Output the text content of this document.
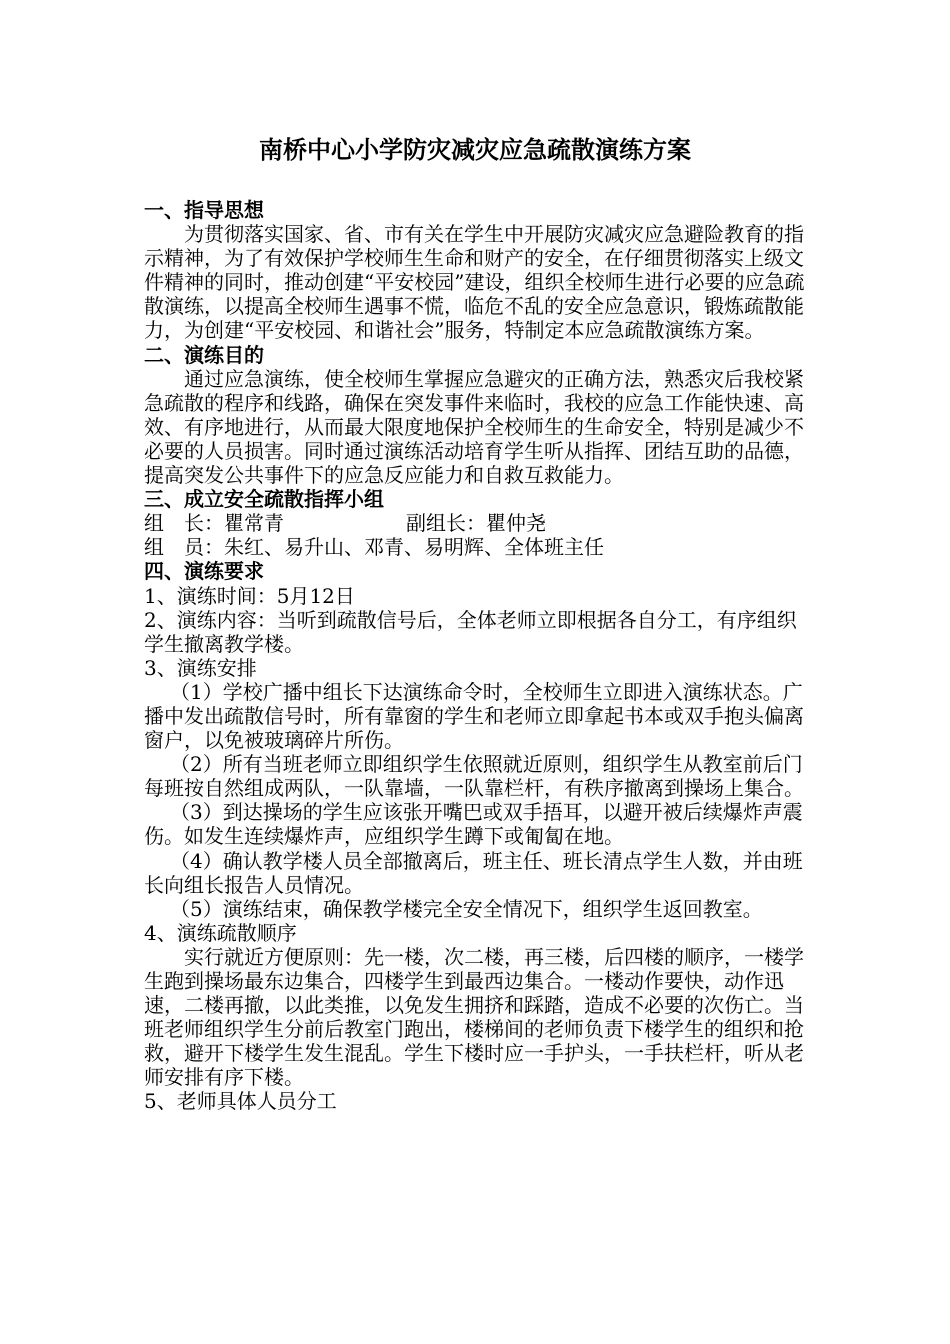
南桥中心小学防灾减灾应急疏散演练方案

一、指导思想

为贯彻落实国家、省、市有关在学生中开展防灾减灾应急避险教育的指示精神，为了有效保护学校师生生命和财产的安全，在仔细贯彻落实上级文件精神的同时，推动创建“平安校园”建设，组织全校师生进行必要的应急疏散演练，以提高全校师生遇事不慌，临危不乱的安全应急意识，锻炼疏散能力，为创建“平安校园、和谐社会”服务，特制定本应急疏散演练方案。

二、演练目的

通过应急演练，使全校师生掌握应急避灾的正确方法，熟悉灾后我校紧急疏散的程序和线路，确保在突发事件来临时，我校的应急工作能快速、高效、有序地进行，从而最大限度地保护全校师生的生命安全，特别是减少不必要的人员损害。同时通过演练活动培育学生听从指挥、团结互助的品德，提高突发公共事件下的应急反应能力和自救互救能力。

三、成立安全疏散指挥小组

组　长：瞿常青	副组长：瞿仲尧

组　员：朱红、易升山、邓青、易明辉、全体班主任

四、演练要求

1、演练时间：5月12日

2、演练内容：当听到疏散信号后，全体老师立即根据各自分工，有序组织学生撤离教学楼。

3、演练安排

（1）学校广播中组长下达演练命令时，全校师生立即进入演练状态。广播中发出疏散信号时，所有靠窗的学生和老师立即拿起书本或双手抱头偏离窗户，以免被玻璃碎片所伤。

（2）所有当班老师立即组织学生依照就近原则，组织学生从教室前后门每班按自然组成两队，一队靠墙，一队靠栏杆，有秩序撤离到操场上集合。

（3）到达操场的学生应该张开嘴巴或双手捂耳，以避开被后续爆炸声震伤。如发生连续爆炸声，应组织学生蹲下或匍匐在地。

（4）确认教学楼人员全部撤离后，班主任、班长清点学生人数，并由班长向组长报告人员情况。

（5）演练结束，确保教学楼完全安全情况下，组织学生返回教室。

4、演练疏散顺序

实行就近方便原则：先一楼，次二楼，再三楼，后四楼的顺序，一楼学生跑到操场最东边集合，四楼学生到最西边集合。一楼动作要快，动作迅速，二楼再撤，以此类推，以免发生拥挤和踩踏，造成不必要的次伤亡。当班老师组织学生分前后教室门跑出，楼梯间的老师负责下楼学生的组织和抢救，避开下楼学生发生混乱。学生下楼时应一手护头，一手扶栏杆，听从老师安排有序下楼。

5、老师具体人员分工
